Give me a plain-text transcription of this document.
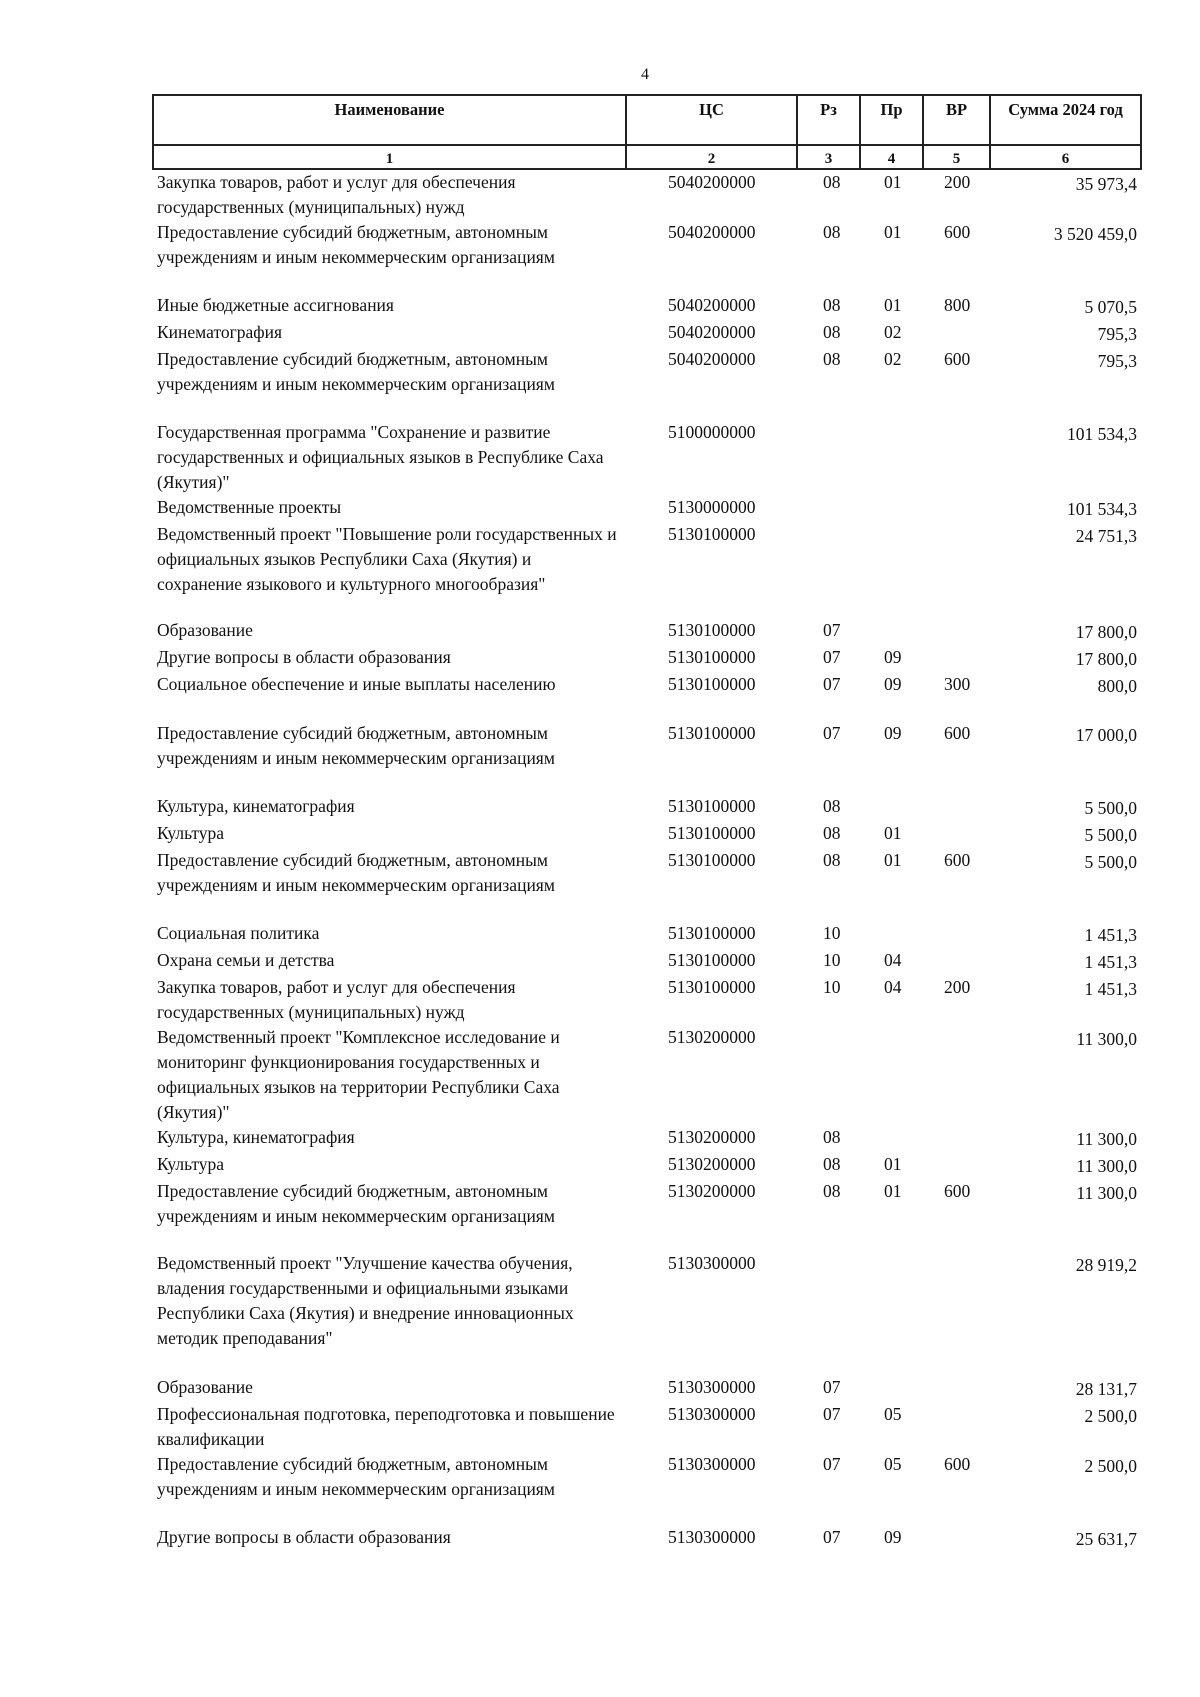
4
Наименование	ЦС	Рз	Пр	ВР	Сумма 2024 год
1	2	3	4	5	6
Закупка товаров, работ и услуг для обеспечения государственных (муниципальных) нужд	5040200000	08	01	200	35 973,4
Предоставление субсидий бюджетным, автономным учреждениям и иным некоммерческим организациям	5040200000	08	01	600	3 520 459,0
Иные бюджетные ассигнования	5040200000	08	01	800	5 070,5
Кинематография	5040200000	08	02		795,3
Предоставление субсидий бюджетным, автономным учреждениям и иным некоммерческим организациям	5040200000	08	02	600	795,3
Государственная программа "Сохранение и развитие государственных и официальных языков в Республике Саха (Якутия)"	5100000000				101 534,3
Ведомственные проекты	5130000000				101 534,3
Ведомственный проект "Повышение роли государственных и официальных языков Республики Саха (Якутия) и сохранение языкового и культурного многообразия"	5130100000				24 751,3
Образование	5130100000	07			17 800,0
Другие вопросы в области образования	5130100000	07	09		17 800,0
Социальное обеспечение и иные выплаты населению	5130100000	07	09	300	800,0
Предоставление субсидий бюджетным, автономным учреждениям и иным некоммерческим организациям	5130100000	07	09	600	17 000,0
Культура, кинематография	5130100000	08			5 500,0
Культура	5130100000	08	01		5 500,0
Предоставление субсидий бюджетным, автономным учреждениям и иным некоммерческим организациям	5130100000	08	01	600	5 500,0
Социальная политика	5130100000	10			1 451,3
Охрана семьи и детства	5130100000	10	04		1 451,3
Закупка товаров, работ и услуг для обеспечения государственных (муниципальных) нужд	5130100000	10	04	200	1 451,3
Ведомственный проект "Комплексное исследование и мониторинг функционирования государственных и официальных языков на территории Республики Саха (Якутия)"	5130200000				11 300,0
Культура, кинематография	5130200000	08			11 300,0
Культура	5130200000	08	01		11 300,0
Предоставление субсидий бюджетным, автономным учреждениям и иным некоммерческим организациям	5130200000	08	01	600	11 300,0
Ведомственный проект "Улучшение качества обучения, владения государственными и официальными языками Республики Саха (Якутия) и внедрение инновационных методик преподавания"	5130300000				28 919,2
Образование	5130300000	07			28 131,7
Профессиональная подготовка, переподготовка и повышение квалификации	5130300000	07	05		2 500,0
Предоставление субсидий бюджетным, автономным учреждениям и иным некоммерческим организациям	5130300000	07	05	600	2 500,0
Другие вопросы в области образования	5130300000	07	09		25 631,7
